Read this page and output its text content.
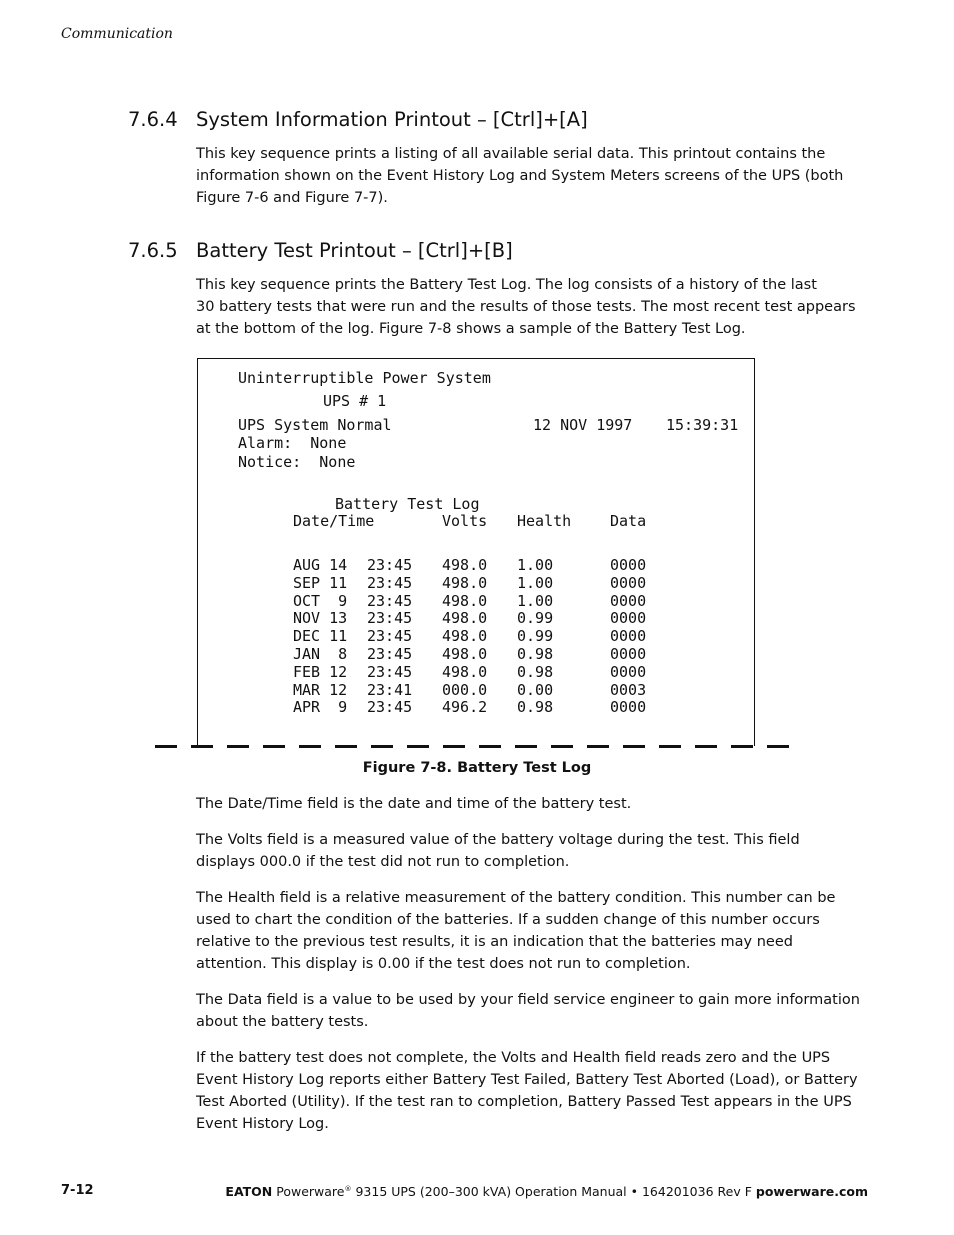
Communication
7.6.4 System Information Printout – [Ctrl]+[A]

This key sequence prints a listing of all available serial data. This printout contains the
information shown on the Event History Log and System Meters screens of the UPS (both
Figure 7-6 and Figure 7-7).

7.6.5 Battery Test Printout – [Ctrl]+[B]

This key sequence prints the Battery Test Log. The log consists of a history of the last
30 battery tests that were run and the results of those tests. The most recent test appears
at the bottom of the log. Figure 7-8 shows a sample of the Battery Test Log.

Uninterruptible Power System
UPS # 1
UPS System Normal	12 NOV 1997 15:39:31
Alarm:  None
Notice:  None
Battery Test Log
Date/Time	Volts Health	Data
AUG 14 23:45 498.0 1.00	0000
SEP 11 23:45 498.0 1.00	0000
OCT  9 23:45 498.0 1.00	0000
NOV 13 23:45 498.0 0.99	0000
DEC 11 23:45 498.0 0.99	0000
JAN  8 23:45 498.0 0.98	0000
FEB 12 23:45 498.0 0.98	0000
MAR 12 23:41 000.0 0.00	0003
APR  9 23:45 496.2 0.98	0000
Figure 7-8. Battery Test Log

The Date/Time field is the date and time of the battery test.

The Volts field is a measured value of the battery voltage during the test. This field
displays 000.0 if the test did not run to completion.

The Health field is a relative measurement of the battery condition. This number can be
used to chart the condition of the batteries. If a sudden change of this number occurs
relative to the previous test results, it is an indication that the batteries may need
attention. This display is 0.00 if the test does not run to completion.

The Data field is a value to be used by your field service engineer to gain more information
about the battery tests.

If the battery test does not complete, the Volts and Health field reads zero and the UPS
Event History Log reports either Battery Test Failed, Battery Test Aborted (Load), or Battery
Test Aborted (Utility). If the test ran to completion, Battery Passed Test appears in the UPS
Event History Log.

7-12	EATON Powerware® 9315 UPS (200–300 kVA) Operation Manual • 164201036 Rev F powerware.com
